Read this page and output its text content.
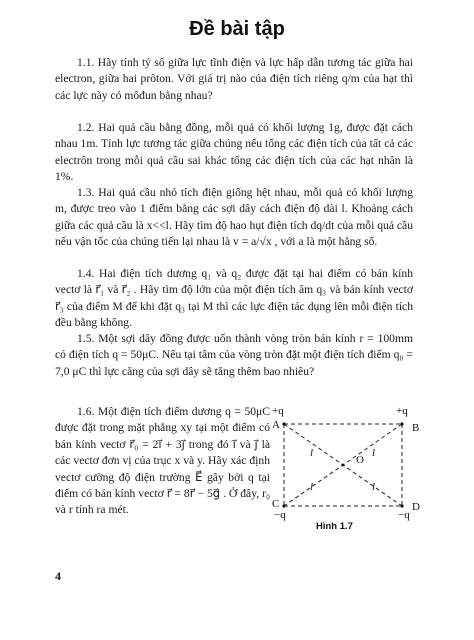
Đề bài tập

1.1. Hãy tính tỷ số giữa lực tĩnh điện và lực hấp dẫn tương tác giữa hai electron, giữa hai prôton. Với giá trị nào của điện tích riêng q/m của hạt thì các lực này có môđun bằng nhau?

1.2. Hai quả cầu bằng đồng, mỗi quả có khối lượng 1g, được đặt cách nhau 1m. Tính lực tương tác giữa chúng nếu tổng các điện tích của tất cả các electrôn trong mỗi quả cầu sai khác tổng các điện tích của các hạt nhân là 1%.

1.3. Hai quả cầu nhỏ tích điện giống hệt nhau, mỗi quả có khối lượng m, được treo vào 1 điểm bằng các sợi dây cách điện độ dài l. Khoảng cách giữa các quả cầu là x<<l. Hãy tìm độ hao hụt điện tích dq/dt của mỗi quả cầu nếu vận tốc của chúng tiến lại nhau là v = a/√x , với a là một hằng số.

1.4. Hai điện tích dương q₁ và q₂ được đặt tại hai điểm có bán kính vectơ là r⃗₁ và r⃗₂ . Hãy tìm độ lớn của một điện tích âm q₃ và bán kính vectơ r⃗₃ của điểm M để khi đặt q₃ tại M thì các lực điện tác dụng lên mỗi điện tích đều bằng không.

1.5. Một sợi dây đồng được uốn thành vòng tròn bán kính r = 100mm có điện tích q = 50μC. Nếu tại tâm của vòng tròn đặt một điện tích điểm q₀ = 7,0 μC thì lực căng của sợi dây sẽ tăng thêm bao nhiêu?

1.6. Một điện tích điểm dương q = 50μC được đặt trong mặt phẳng xy tại một điểm có bán kính vectơ r⃗₀ = 2i⃗ + 3j⃗ trong đó i⃗ và j⃗ là các vectơ đơn vị của trục x và y. Hãy xác định vectơ cường độ điện trường E⃗ gây bởi q tại điểm có bán kính vectơ r⃗ = 8r⃗ − 5g⃗ . Ở đây, r₀ và r tính ra mét.

+q	+q
A	B
O
C	D
−q	−q
l	l
l	l
Hình 1.7
4
